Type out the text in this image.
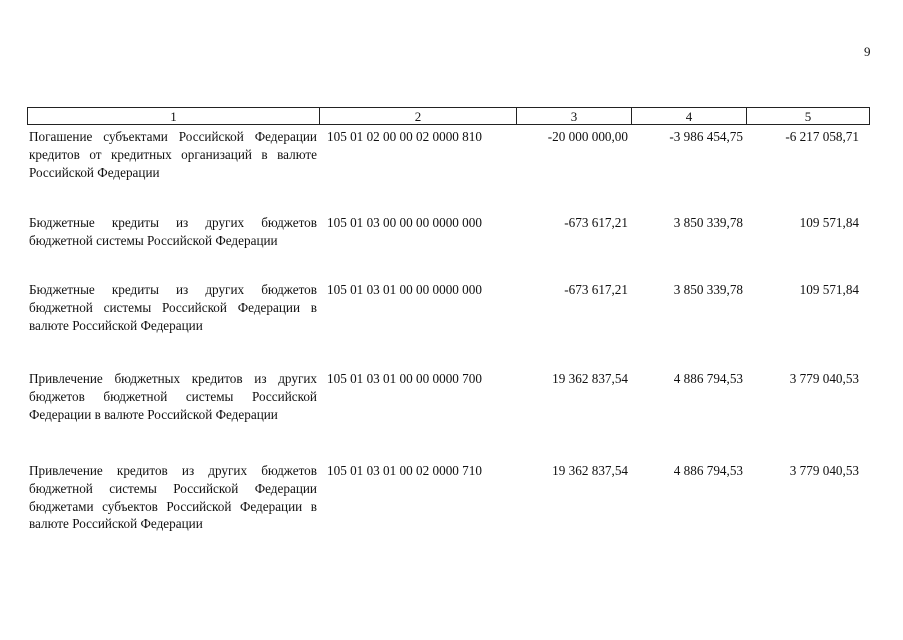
9
1	2	3	4	5
Погашение субъектами Российской Федерации кредитов от кредитных организаций в валюте Российской Федерации
105 01 02 00 00 02 0000 810	-20 000 000,00	-3 986 454,75	-6 217 058,71
Бюджетные кредиты из других бюджетов бюджетной системы Российской Федерации
105 01 03 00 00 00 0000 000	-673 617,21	3 850 339,78	109 571,84
Бюджетные кредиты из других бюджетов бюджетной системы Российской Федерации в валюте Российской Федерации
105 01 03 01 00 00 0000 000	-673 617,21	3 850 339,78	109 571,84
Привлечение бюджетных кредитов из других бюджетов бюджетной системы Российской Федерации в валюте Российской Федерации
105 01 03 01 00 00 0000 700	19 362 837,54	4 886 794,53	3 779 040,53
Привлечение кредитов из других бюджетов бюджетной системы Российской Федерации бюджетами субъектов Российской Федерации в валюте Российской Федерации
105 01 03 01 00 02 0000 710	19 362 837,54	4 886 794,53	3 779 040,53
